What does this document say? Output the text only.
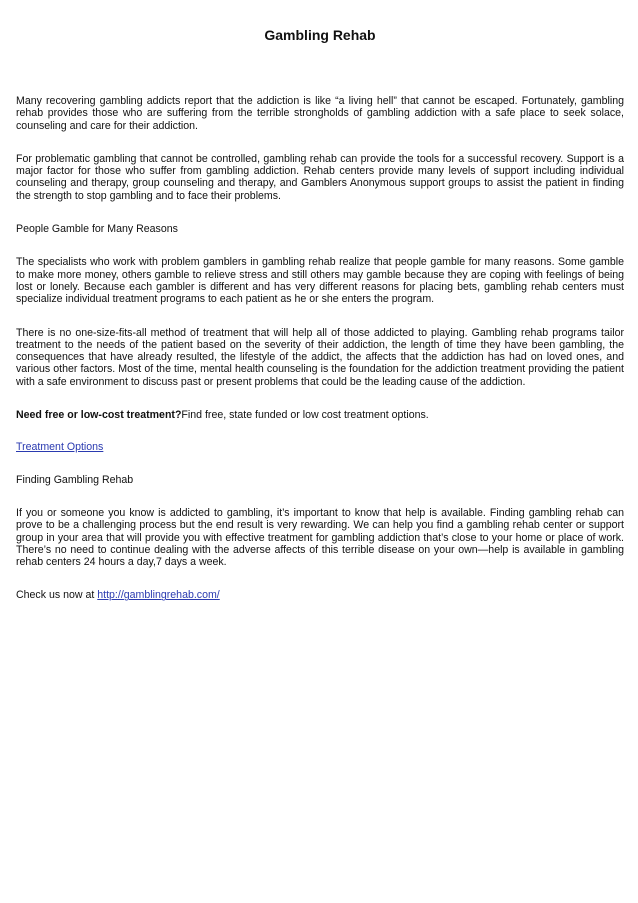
Gambling Rehab

Many recovering gambling addicts report that the addiction is like “a living hell” that cannot be escaped. Fortunately, gambling rehab provides those who are suffering from the terrible strongholds of gambling addiction with a safe place to seek solace, counseling and care for their addiction.

For problematic gambling that cannot be controlled, gambling rehab can provide the tools for a successful recovery. Support is a major factor for those who suffer from gambling addiction. Rehab centers provide many levels of support including individual counseling and therapy, group counseling and therapy, and Gamblers Anonymous support groups to assist the patient in finding the strength to stop gambling and to face their problems.

People Gamble for Many Reasons

The specialists who work with problem gamblers in gambling rehab realize that people gamble for many reasons. Some gamble to make more money, others gamble to relieve stress and still others may gamble because they are coping with feelings of being lost or lonely. Because each gambler is different and has very different reasons for placing bets, gambling rehab centers must specialize individual treatment programs to each patient as he or she enters the program.

There is no one-size-fits-all method of treatment that will help all of those addicted to playing. Gambling rehab programs tailor treatment to the needs of the patient based on the severity of their addiction, the length of time they have been gambling, the consequences that have already resulted, the lifestyle of the addict, the affects that the addiction has had on loved ones, and various other factors. Most of the time, mental health counseling is the foundation for the addiction treatment providing the patient with a safe environment to discuss past or present problems that could be the leading cause of the addiction.

Need free or low-cost treatment?Find free, state funded or low cost treatment options.
Treatment Options
Finding Gambling Rehab

If you or someone you know is addicted to gambling, it’s important to know that help is available. Finding gambling rehab can prove to be a challenging process but the end result is very rewarding. We can help you find a gambling rehab center or support group in your area that will provide you with effective treatment for gambling addiction that’s close to your home or place of work. There’s no need to continue dealing with the adverse affects of this terrible disease on your own—help is available in gambling rehab centers 24 hours a day,7 days a week.

Check us now at http://gamblingrehab.com/
